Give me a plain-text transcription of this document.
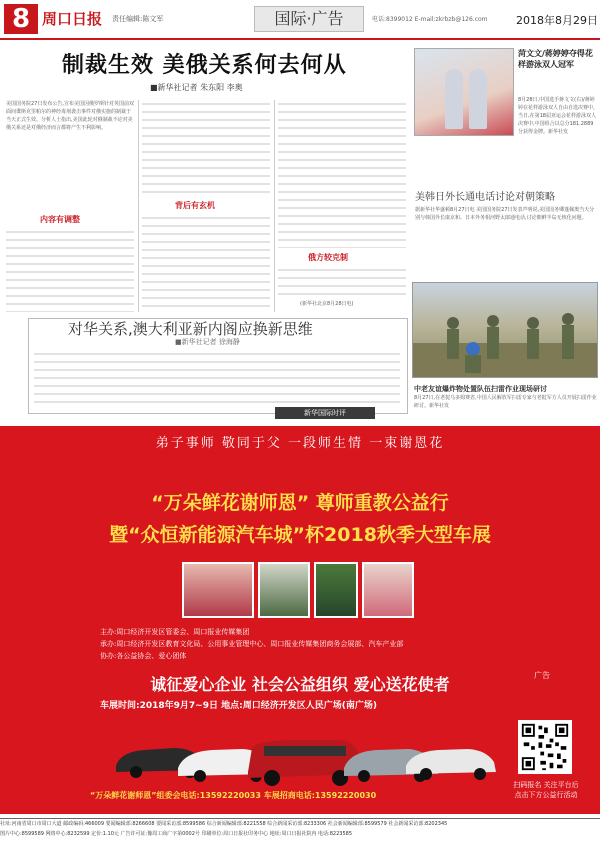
8 周口日报 责任编辑:陈文军	国际·广告	电话:8399012 E-mail:zkrbzb@126.com	2018年8月29日
制裁生效 美俄关系何去何从
■新华社记者 朱东阳 李奥
美国国务院27日发布公告,宣布美国因俄罗斯针对英国前双面间谍斯克里帕尔的神经毒剂袭击事件对俄实施的制裁于当天正式生效。分析人士指出,美国此轮对俄制裁不论对美俄关系还是对俄经济而言都将产生不利影响。
内容有调整
背后有玄机
俄方较克制
(新华社北京8月28日电)
对华关系,澳大利亚新内阁应换新思维
■新华社记者 徐海静
新华国际时评
菏文文/蒋婷婷夺得花样游泳双人冠军
8月28日,中国选手蒋文文(右)/蒋婷婷在花样游泳双人自由自选决赛中。当日,在第18届亚运会花样游泳双人决赛中,中国组合以总分181.2889分获得金牌。新华社发
美韩日外长通电话讨论对朝策略
据新华社华盛顿8月27日电 美国国务院27日发表声明说,美国国务卿蓬佩奥当天分别与韩国外长康京和、日本外务相河野太郎通电话,讨论朝鲜半岛无核化问题。
中老友谊爆炸物处置队伍扫雷作业现场研讨
8月27日,在老挝乌多姆赛省,中国人民解放军扫雷专家与老挝军方人员开展扫雷作业研讨。新华社发
弟子事师 敬同于父 一段师生情 一束谢恩花
“万朵鲜花谢师恩” 尊师重教公益行
暨“众恒新能源汽车城”杯2018秋季大型车展
主办:周口经济开发区管委会、周口报业传媒集团
承办:周口经济开发区教育文化局、公用事业管理中心、周口报业传媒集团商务会展部、汽车产业部
协办:各公益协会、爱心团体
广告
诚征爱心企业 社会公益组织 爱心送花使者
车展时间:2018年9月7~9日 地点:周口经济开发区人民广场(南广场)
“万朵鲜花谢师恩”组委会电话:13592220033 车展招商电话:13592220030
扫码报名 关注平台后
点击下方公益行活动
社址:河南省周口市周口大道 邮政编码:466009 要闻编辑部:8266608 要闻采访部:8599586 综合新闻编辑部:8221558 综合新闻采访部:8233306 社会新闻编辑部:8599579 社会新闻采访部:8202345
图片中心:8599589 网络中心:8232599 定价:1.10元 广告许可证:豫周工商广字第0002号 印刷单位:周口日报社印务中心 地址:周口日报社院内 电话:8223585
